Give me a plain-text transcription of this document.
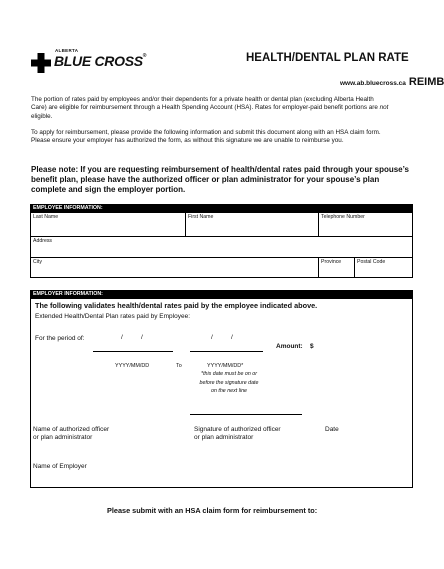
ALBERTA
BLUE CROSS®	HEALTH/DENTAL PLAN RATE
www.ab.bluecross.ca REIMB
The portion of rates paid by employees and/or their dependents for a private health or dental plan (excluding Alberta Health Care) are eligible for reimbursement through a Health Spending Account (HSA). Rates for employer-paid benefit portions are not eligible.
To apply for reimbursement, please provide the following information and submit this document along with an HSA claim form. Please ensure your employer has authorized the form, as without this signature we are unable to reimburse you.
Please note: If you are requesting reimbursement of health/dental rates paid through your spouse’s benefit plan, please have the authorized officer or plan administrator for your spouse’s plan complete and sign the employer portion.
EMPLOYEE INFORMATION:
Last Name	First Name	Telephone Number
Address
City	Province	Postal Code
EMPLOYER INFORMATION:
The following validates health/dental rates paid by the employee indicated above.
Extended Health/Dental Plan rates paid by Employee:
For the period of:	/	/	/	/
Amount: $
YYYY/MM/DD	To	YYYY/MM/DD*
*this date must be on or before the signature date on the next line
Name of authorized officer
or plan administrator
Signature of authorized officer
or plan administrator
Date
Name of Employer
Please submit with an HSA claim form for reimbursement to:
